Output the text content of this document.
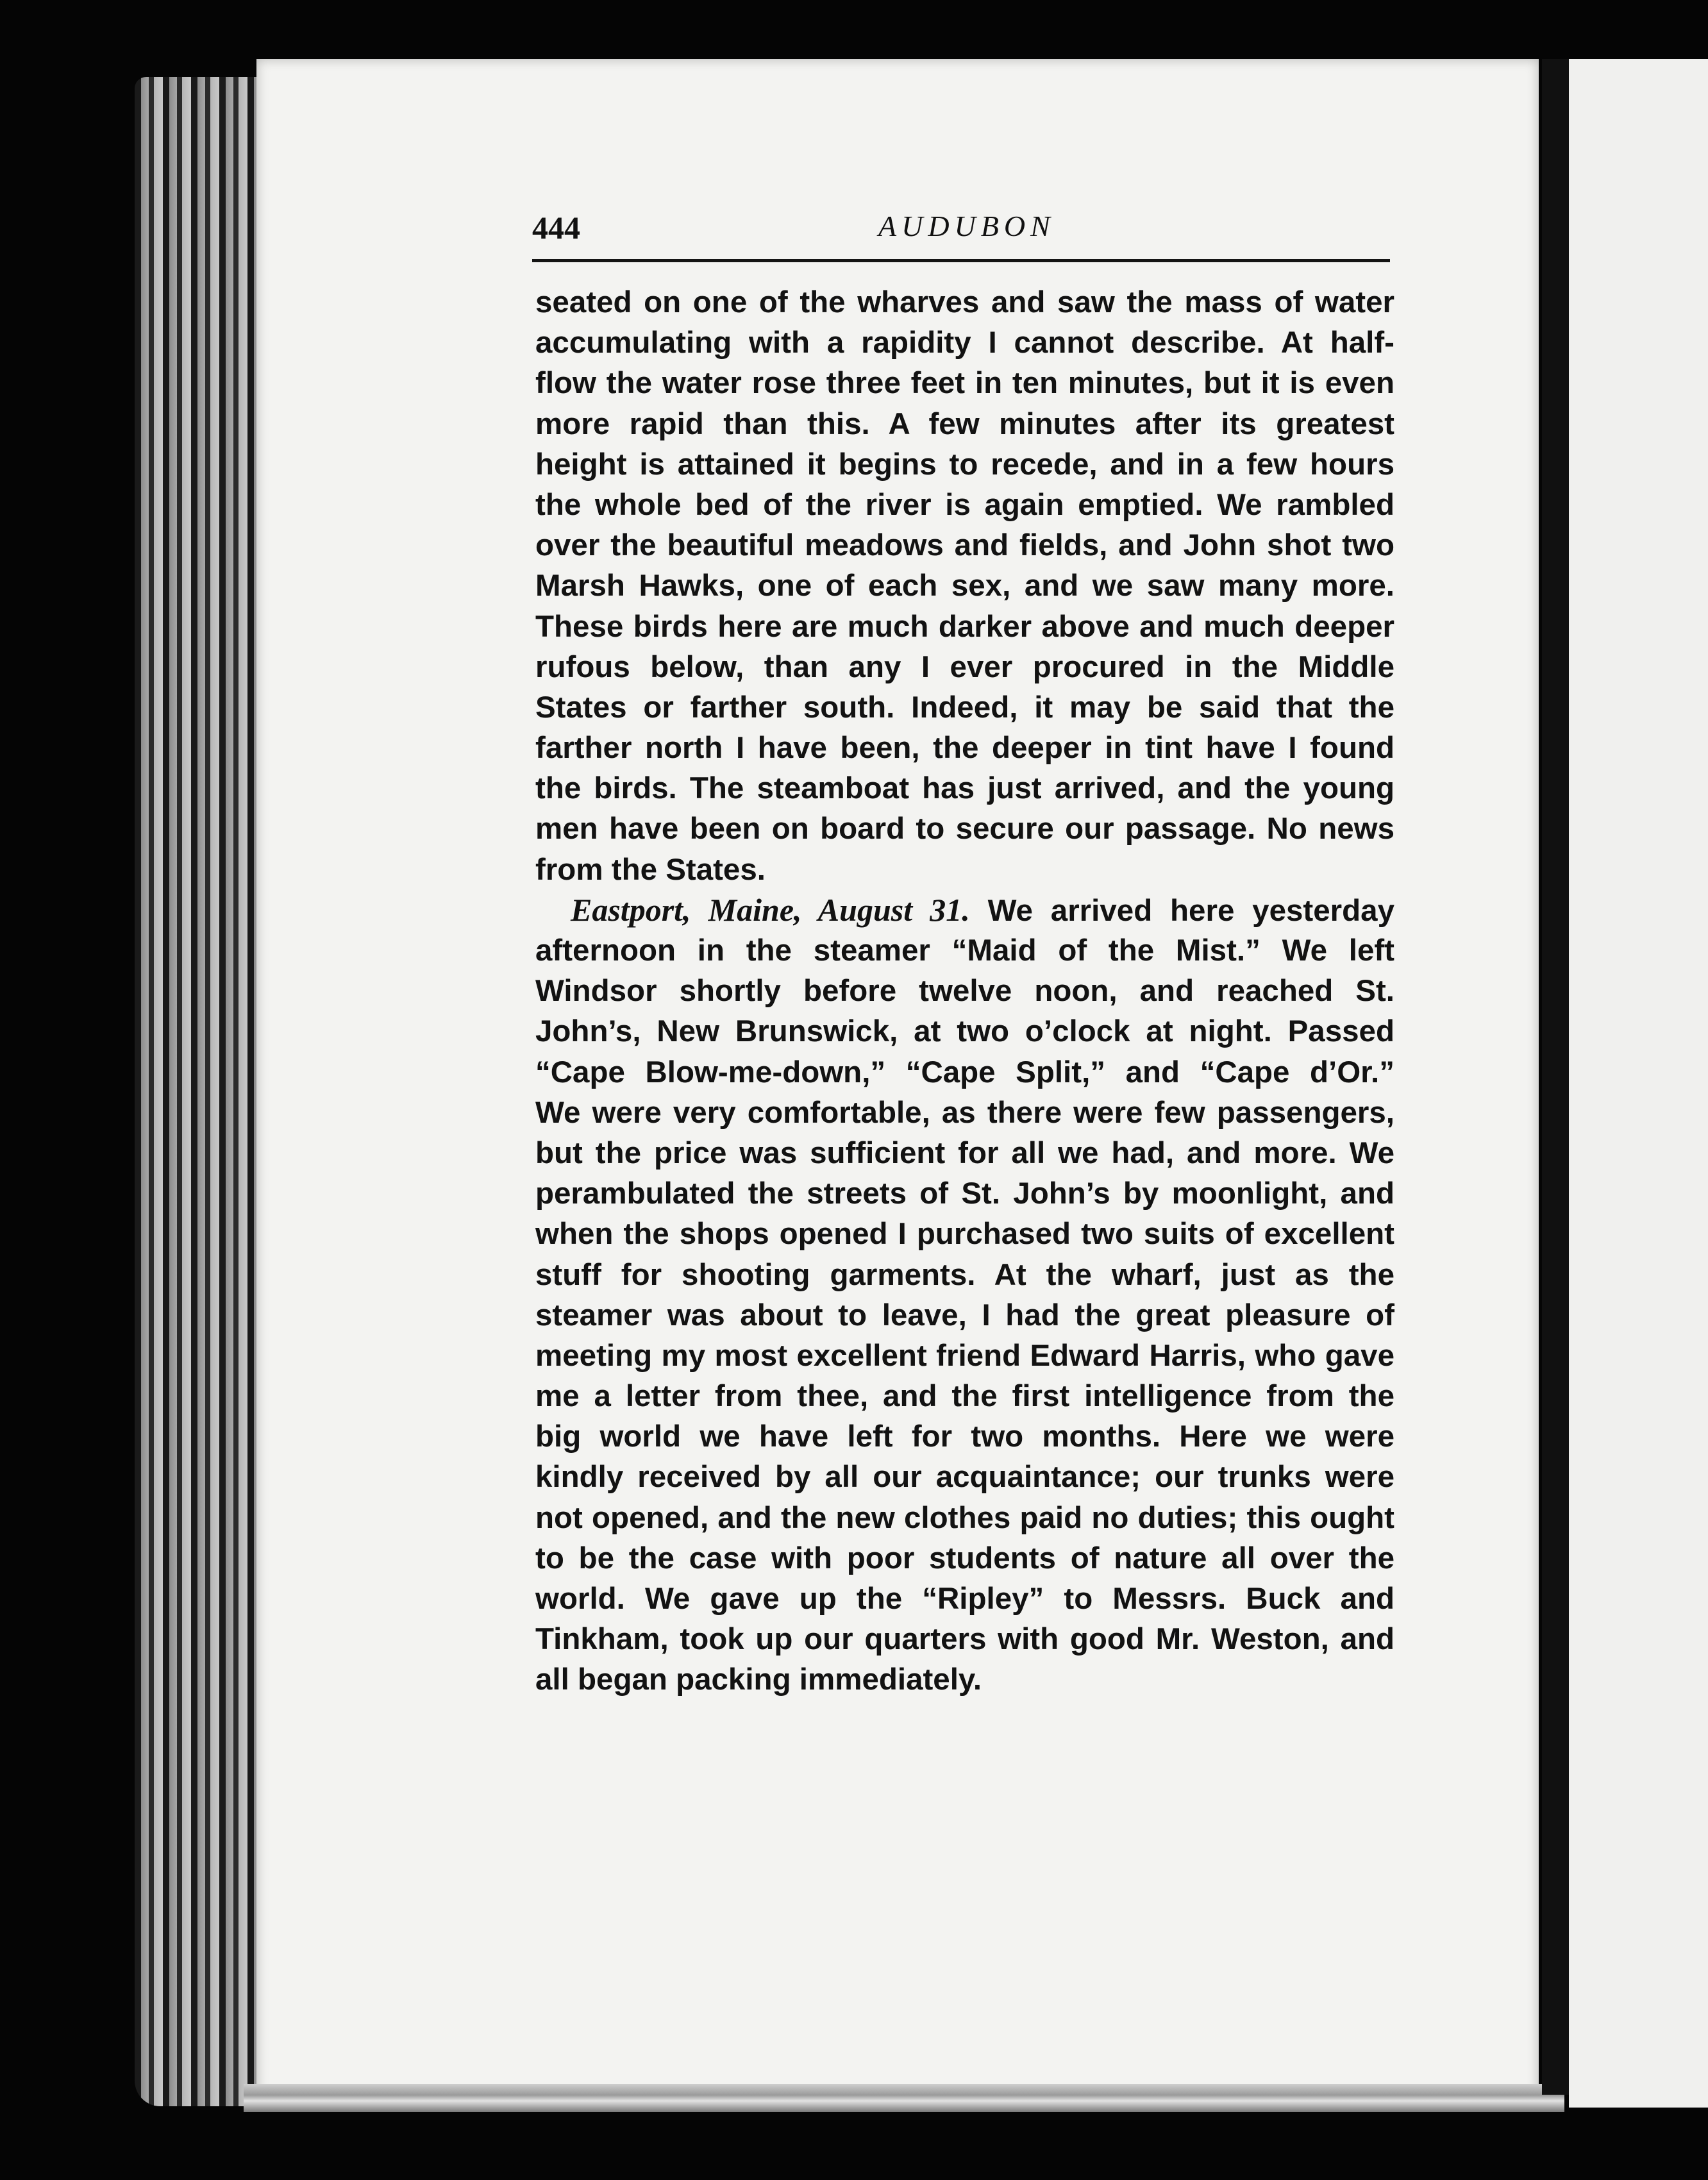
444	AUDUBON
seated on one of the wharves and saw the mass of water
accumulating with a rapidity I cannot describe. At half-
flow the water rose three feet in ten minutes, but it is even
more rapid than this. A few minutes after its greatest
height is attained it begins to recede, and in a few hours
the whole bed of the river is again emptied. We rambled
over the beautiful meadows and fields, and John shot two
Marsh Hawks, one of each sex, and we saw many more.
These birds here are much darker above and much deeper
rufous below, than any I ever procured in the Middle
States or farther south. Indeed, it may be said that the
farther north I have been, the deeper in tint have I found
the birds. The steamboat has just arrived, and the young
men have been on board to secure our passage. No news
from the States.
Eastport, Maine, August 31. We arrived here yesterday
afternoon in the steamer “Maid of the Mist.” We left
Windsor shortly before twelve noon, and reached St.
John’s, New Brunswick, at two o’clock at night. Passed
“Cape Blow-me-down,” “Cape Split,” and “Cape d’Or.”
We were very comfortable, as there were few passengers,
but the price was sufficient for all we had, and more. We
perambulated the streets of St. John’s by moonlight, and
when the shops opened I purchased two suits of excellent
stuff for shooting garments. At the wharf, just as the
steamer was about to leave, I had the great pleasure of
meeting my most excellent friend Edward Harris, who gave
me a letter from thee, and the first intelligence from the
big world we have left for two months. Here we were
kindly received by all our acquaintance; our trunks were
not opened, and the new clothes paid no duties; this ought
to be the case with poor students of nature all over the
world. We gave up the “Ripley” to Messrs. Buck and
Tinkham, took up our quarters with good Mr. Weston, and
all began packing immediately.
